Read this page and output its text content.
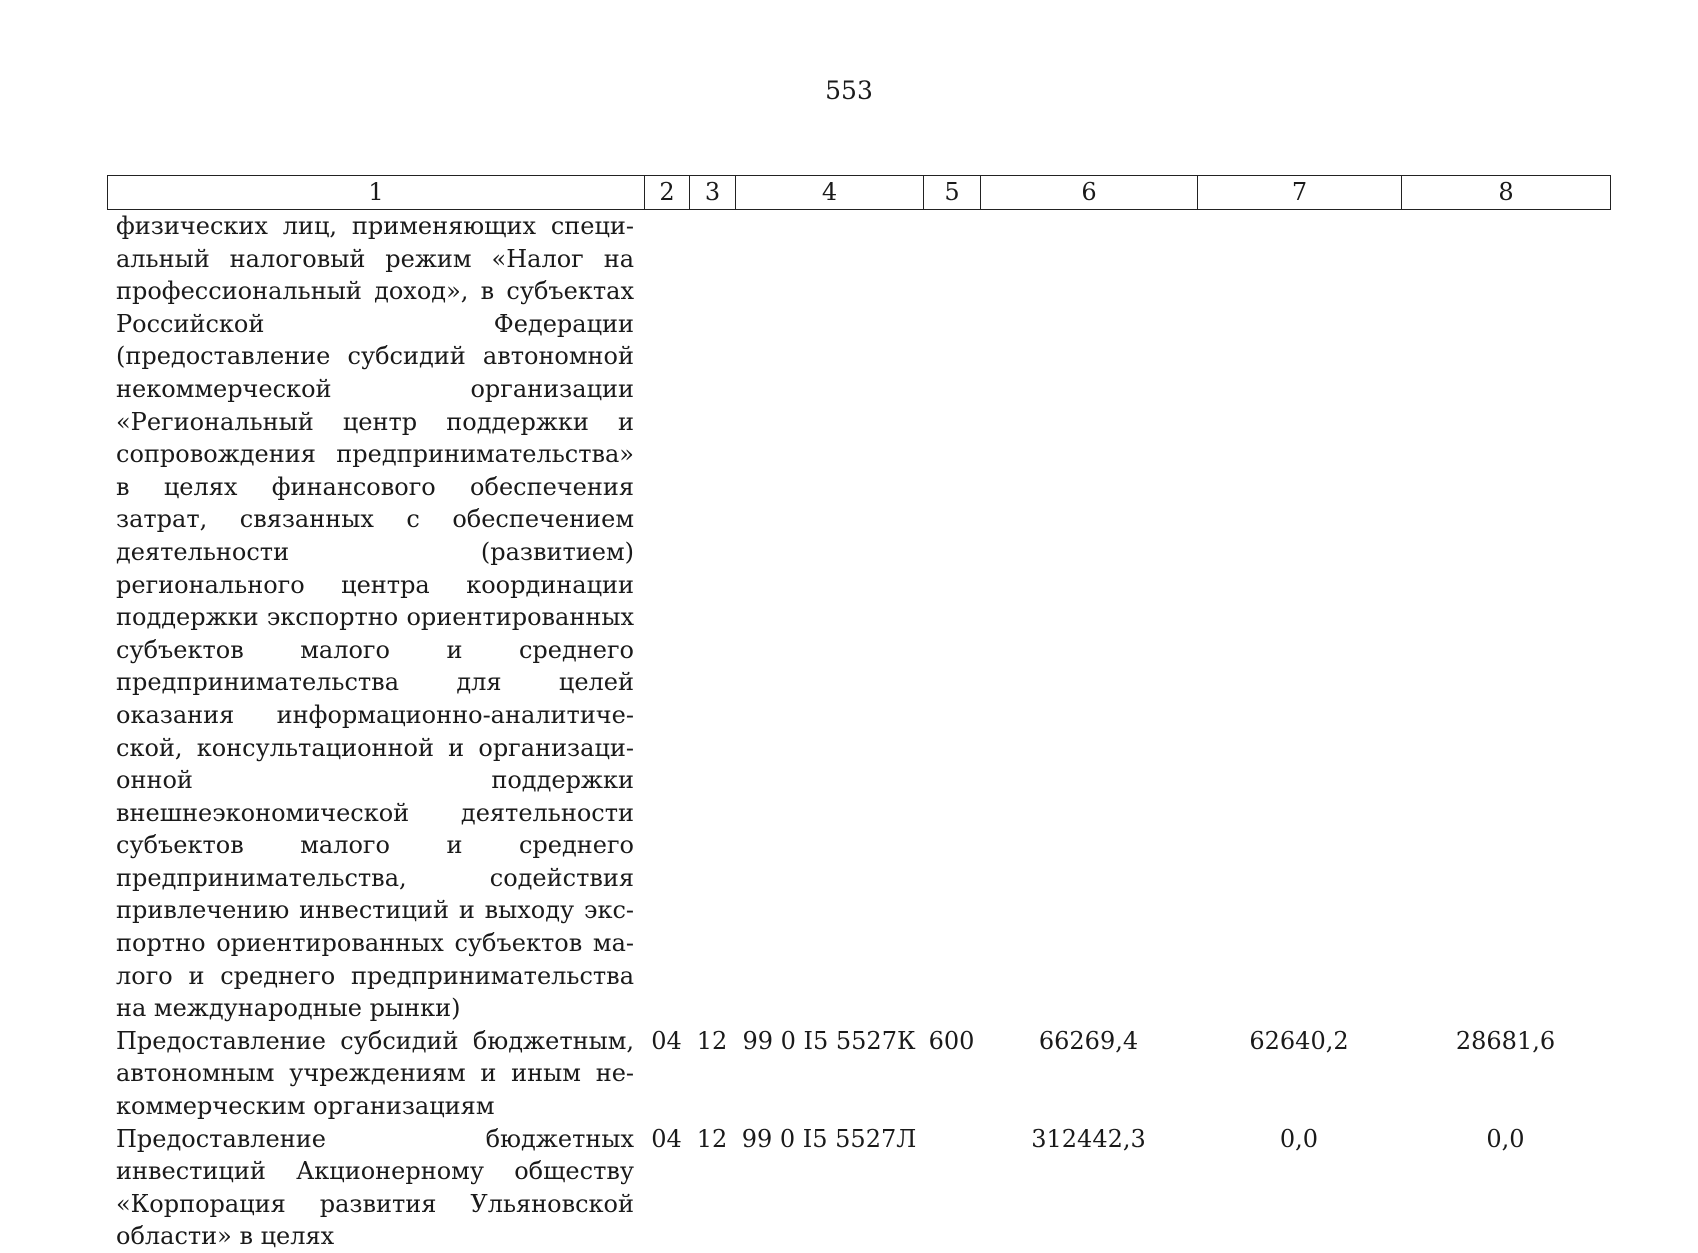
553
1	2	3	4	5	6	7	8
физических лиц, применяющих специальный налоговый режим «Налог на профессиональный доход», в субъектах Российской Федерации (предоставление субсидий автономной некоммерческой организации «Региональный центр поддержки и сопровождения предпринимательства» в целях финансового обеспечения затрат, связанных с обеспечением деятельности (развитием) регионального центра координации поддержки экспортно ориентированных субъектов малого и среднего предпринимательства для целей оказания информационно-аналитической, консультационной и организационной поддержки внешнеэкономической деятельности субъектов малого и среднего предпринимательства, содействия привлечению инвестиций и выходу экспортно ориентированных субъектов малого и среднего предпринимательства на международные рынки)							
Предоставление субсидий бюджетным, автономным учреждениям и иным некоммерческим организациям	04	12	99 0 I5 5527К	600	66269,4	62640,2	28681,6
Предоставление бюджетных инвестиций Акционерному обществу «Корпорация развития Ульяновской области» в целях	04	12	99 0 I5 5527Л		312442,3	0,0	0,0
